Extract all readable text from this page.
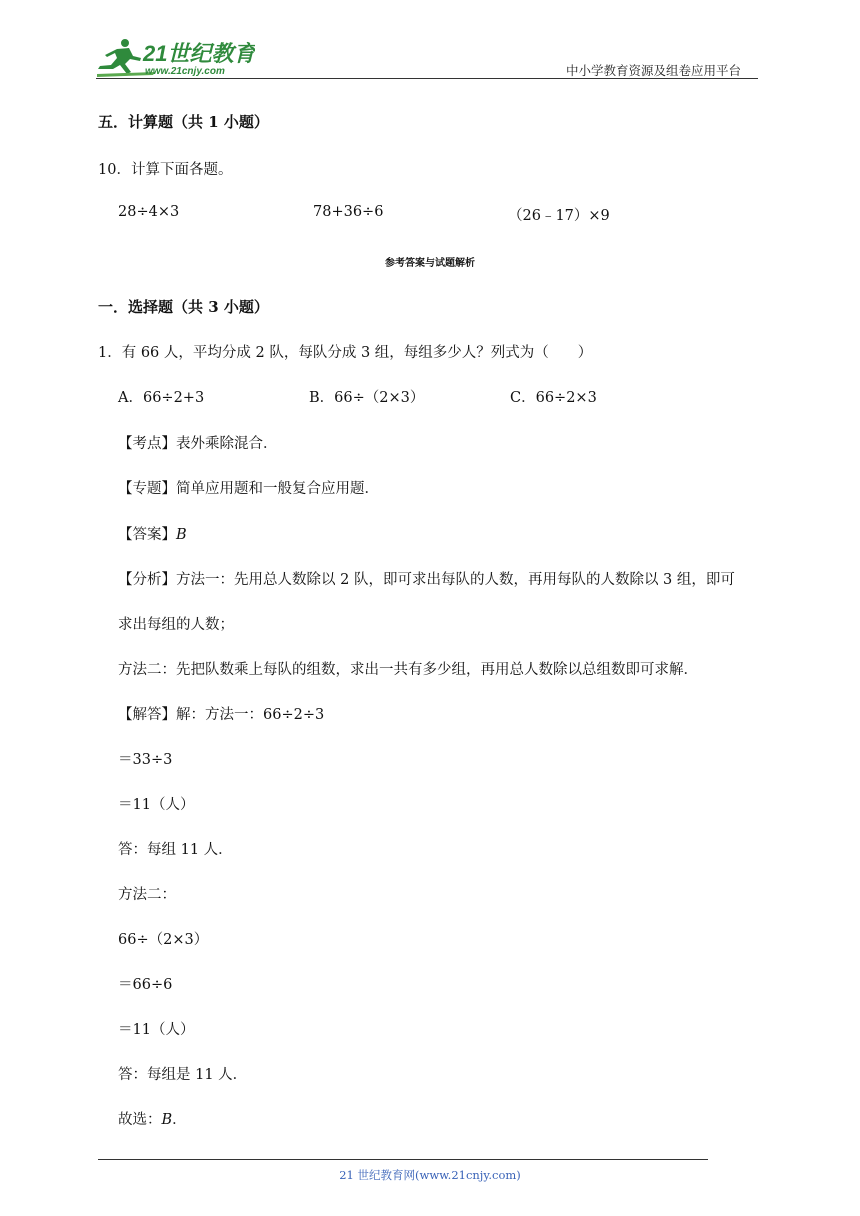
21世纪教育
www.21cnjy.com	中小学教育资源及组卷应用平台
五．计算题（共 1 小题）
10．计算下面各题。
28÷4×3	78+36÷6	（26﹣17）×9
参考答案与试题解析
一．选择题（共 3 小题）
1．有 66 人，平均分成 2 队，每队分成 3 组，每组多少人？列式为（　　）
A．66÷2+3	B．66÷（2×3）	C．66÷2×3
【考点】表外乘除混合．
【专题】简单应用题和一般复合应用题．
【答案】B
【分析】方法一：先用总人数除以 2 队，即可求出每队的人数，再用每队的人数除以 3 组，即可
求出每组的人数；
方法二：先把队数乘上每队的组数，求出一共有多少组，再用总人数除以总组数即可求解．
【解答】解：方法一：66÷2÷3
＝33÷3
＝11（人）
答：每组 11 人．
方法二：
66÷（2×3）
＝66÷6
＝11（人）
答：每组是 11 人．
故选：B．
21 世纪教育网(www.21cnjy.com)
